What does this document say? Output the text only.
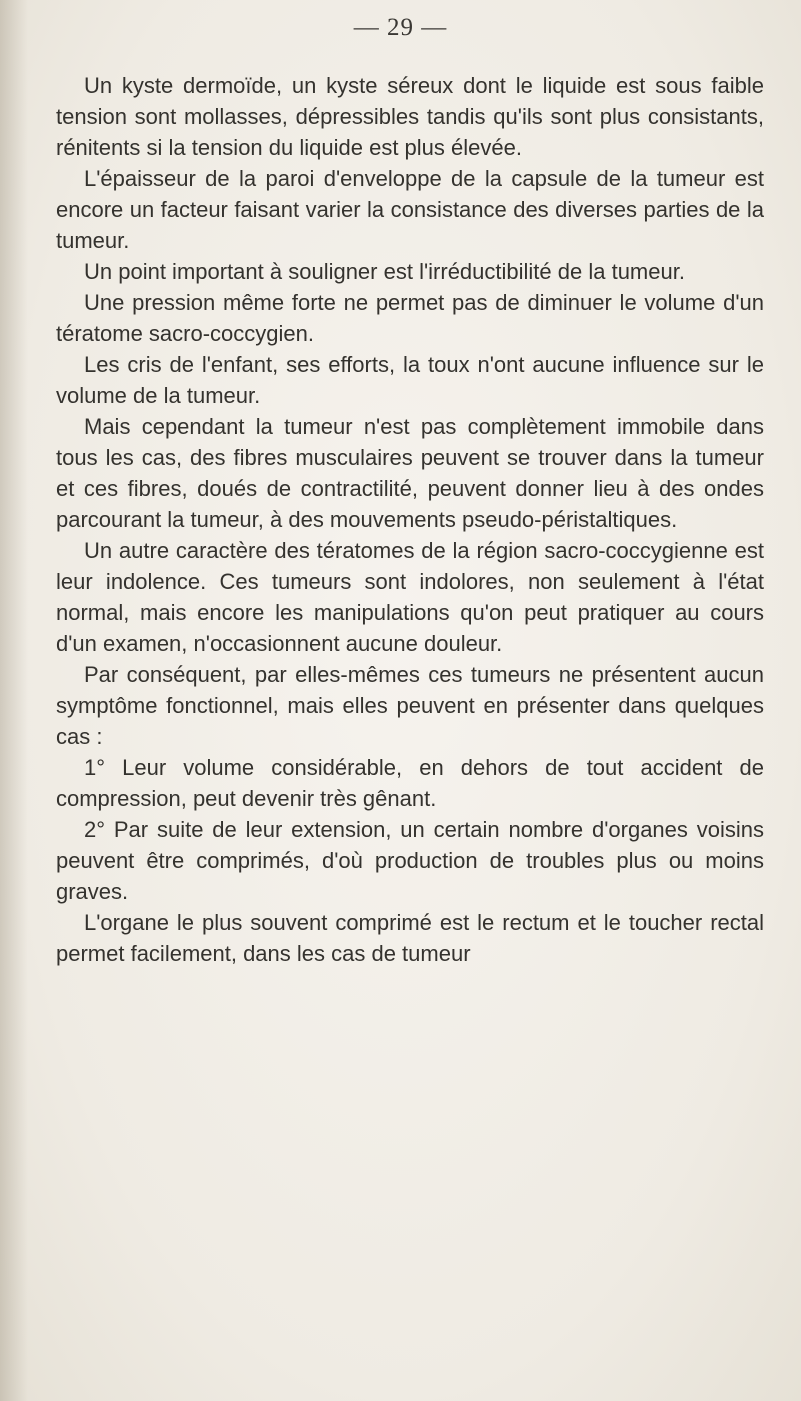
— 29 —

Un kyste dermoïde, un kyste séreux dont le liquide est sous faible tension sont mollasses, dépressibles tandis qu'ils sont plus consistants, rénitents si la tension du liquide est plus élevée.

L'épaisseur de la paroi d'enveloppe de la capsule de la tumeur est encore un facteur faisant varier la consistance des diverses parties de la tumeur.

Un point important à souligner est l'irréductibilité de la tumeur.

Une pression même forte ne permet pas de diminuer le volume d'un tératome sacro-coccygien.

Les cris de l'enfant, ses efforts, la toux n'ont aucune influence sur le volume de la tumeur.

Mais cependant la tumeur n'est pas complètement immobile dans tous les cas, des fibres musculaires peuvent se trouver dans la tumeur et ces fibres, doués de contractilité, peuvent donner lieu à des ondes parcourant la tumeur, à des mouvements pseudo-péristaltiques.

Un autre caractère des tératomes de la région sacro-coccygienne est leur indolence. Ces tumeurs sont indolores, non seulement à l'état normal, mais encore les manipulations qu'on peut pratiquer au cours d'un examen, n'occasionnent aucune douleur.

Par conséquent, par elles-mêmes ces tumeurs ne présentent aucun symptôme fonctionnel, mais elles peuvent en présenter dans quelques cas :

1° Leur volume considérable, en dehors de tout accident de compression, peut devenir très gênant.

2° Par suite de leur extension, un certain nombre d'organes voisins peuvent être comprimés, d'où production de troubles plus ou moins graves.

L'organe le plus souvent comprimé est le rectum et le toucher rectal permet facilement, dans les cas de tumeur
